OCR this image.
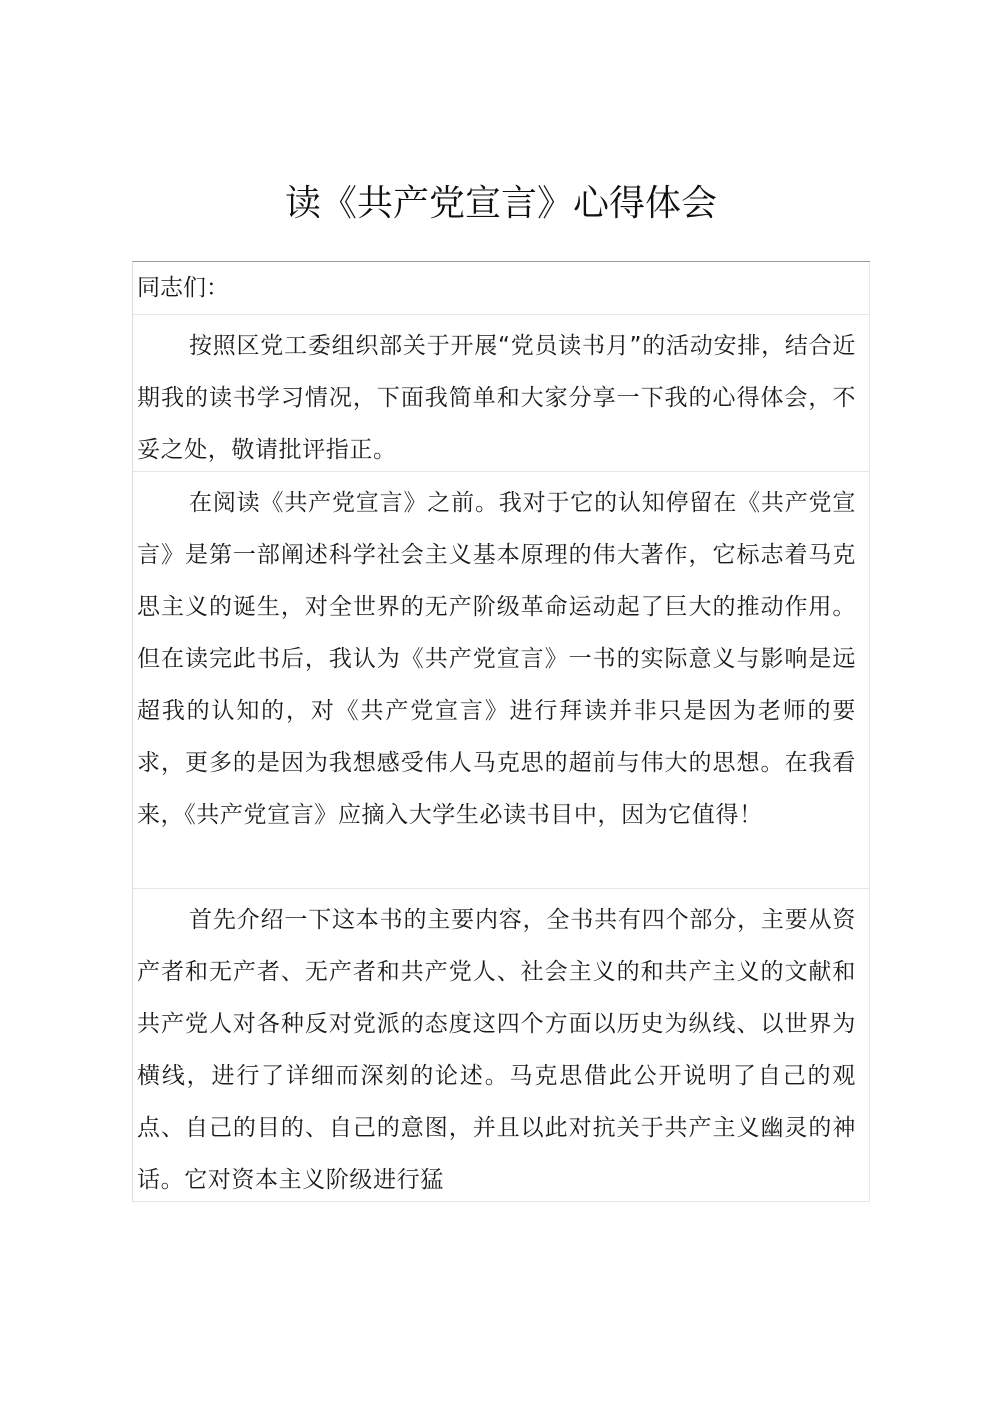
读《共产党宣言》心得体会
同志们：
按照区党工委组织部关于开展“党员读书月”的活动安排，结合近期我的读书学习情况，下面我简单和大家分享一下我的心得体会，不妥之处，敬请批评指正。
在阅读《共产党宣言》之前。我对于它的认知停留在《共产党宣言》是第一部阐述科学社会主义基本原理的伟大著作，它标志着马克思主义的诞生，对全世界的无产阶级革命运动起了巨大的推动作用。但在读完此书后，我认为《共产党宣言》一书的实际意义与影响是远超我的认知的，对《共产党宣言》进行拜读并非只是因为老师的要求，更多的是因为我想感受伟人马克思的超前与伟大的思想。在我看来，《共产党宣言》应摘入大学生必读书目中，因为它值得！
首先介绍一下这本书的主要内容，全书共有四个部分，主要从资产者和无产者、无产者和共产党人、社会主义的和共产主义的文献和共产党人对各种反对党派的态度这四个方面以历史为纵线、以世界为横线，进行了详细而深刻的论述。马克思借此公开说明了自己的观点、自己的目的、自己的意图，并且以此对抗关于共产主义幽灵的神话。它对资本主义阶级进行猛
